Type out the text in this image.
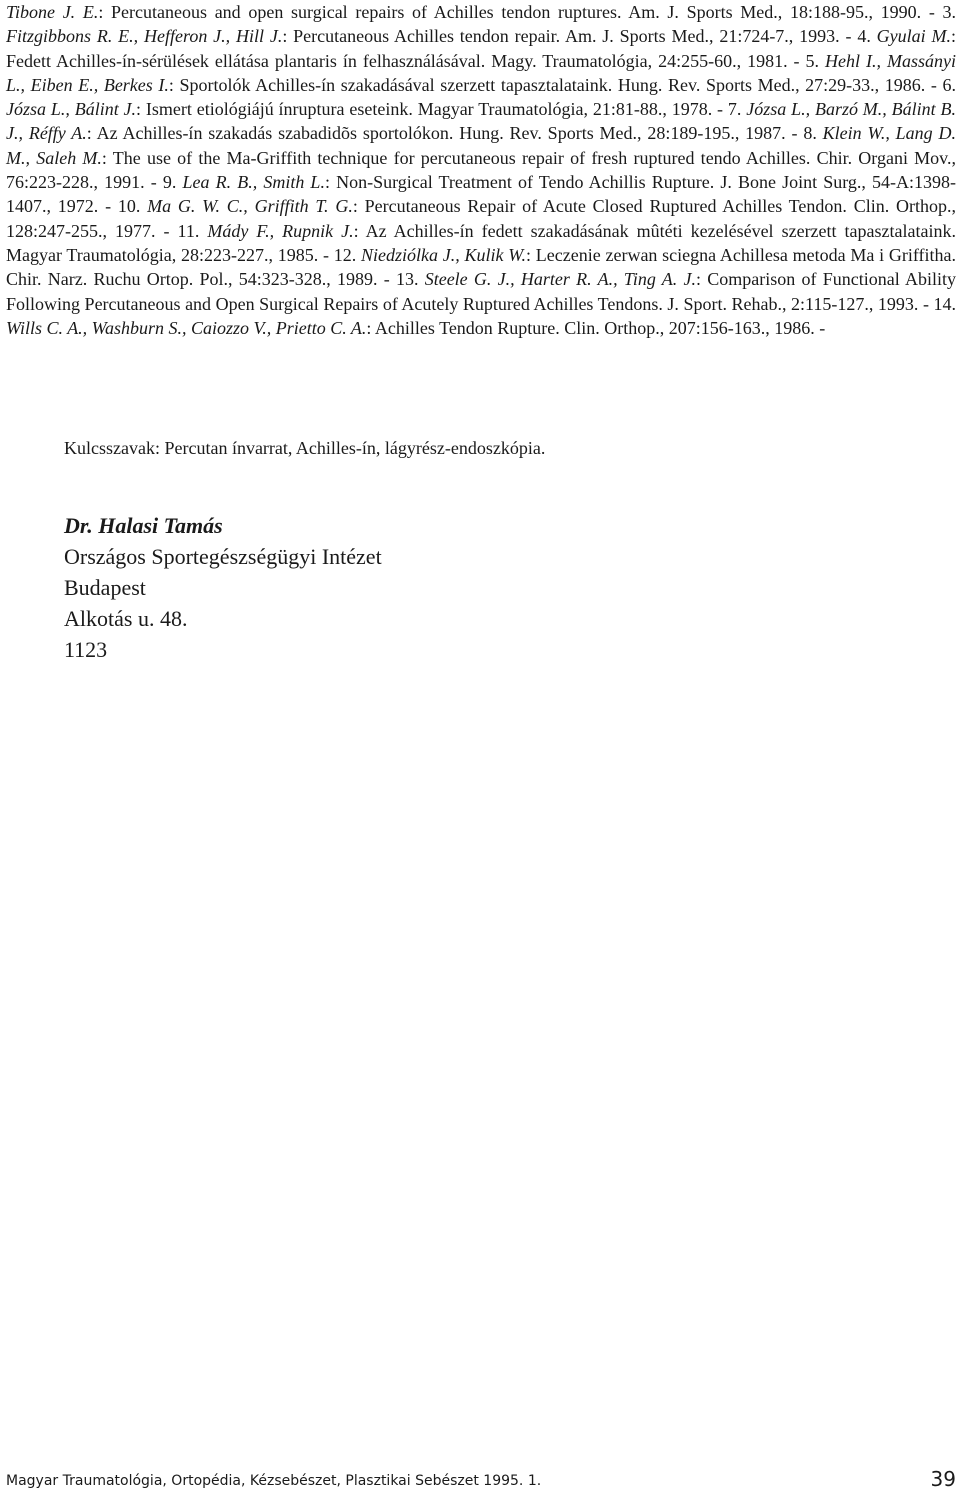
Tibone J. E.: Percutaneous and open surgical repairs of Achilles tendon ruptures. Am. J. Sports Med., 18:188-95., 1990. - 3. Fitzgibbons R. E., Hefferon J., Hill J.: Percutaneous Achilles tendon repair. Am. J. Sports Med., 21:724-7., 1993. - 4. Gyulai M.: Fedett Achilles-ín-sérülések ellátása plantaris ín felhasználásával. Magy. Traumatológia, 24:255-60., 1981. - 5. Hehl I., Massányi L., Eiben E., Berkes I.: Sportolók Achilles-ín szakadásával szerzett tapasztalataink. Hung. Rev. Sports Med., 27:29-33., 1986. - 6. Józsa L., Bálint J.: Ismert etiológiájú ínruptura eseteink. Magyar Traumatológia, 21:81-88., 1978. - 7. Józsa L., Barzó M., Bálint B. J., Réffy A.: Az Achilles-ín szakadás szabadidõs sportolókon. Hung. Rev. Sports Med., 28:189-195., 1987. - 8. Klein W., Lang D. M., Saleh M.: The use of the Ma-Griffith technique for percutaneous repair of fresh ruptured tendo Achilles. Chir. Organi Mov., 76:223-228., 1991. - 9. Lea R. B., Smith L.: Non-Surgical Treatment of Tendo Achillis Rupture. J. Bone Joint Surg., 54-A:1398-1407., 1972. - 10. Ma G. W. C., Griffith T. G.: Percutaneous Repair of Acute Closed Ruptured Achilles Tendon. Clin. Orthop., 128:247-255., 1977. - 11. Mády F., Rupnik J.: Az Achilles-ín fedett szakadásának mûtéti kezelésével szerzett tapasztalataink. Magyar Traumatológia, 28:223-227., 1985. - 12. Niedziólka J., Kulik W.: Leczenie zerwan sciegna Achillesa metoda Ma i Griffitha. Chir. Narz. Ruchu Ortop. Pol., 54:323-328., 1989. - 13. Steele G. J., Harter R. A., Ting A. J.: Comparison of Functional Ability Following Percutaneous and Open Surgical Repairs of Acutely Ruptured Achilles Tendons. J. Sport. Rehab., 2:115-127., 1993. - 14. Wills C. A., Washburn S., Caiozzo V., Prietto C. A.: Achilles Tendon Rupture. Clin. Orthop., 207:156-163., 1986. -

Kulcsszavak: Percutan ínvarrat, Achilles-ín, lágyrész-endoszkópia.

Dr. Halasi Tamás
Országos Sportegészségügyi Intézet
Budapest
Alkotás u. 48.
1123
Magyar Traumatológia, Ortopédia, Kézsebészet, Plasztikai Sebészet 1995. 1.	39
